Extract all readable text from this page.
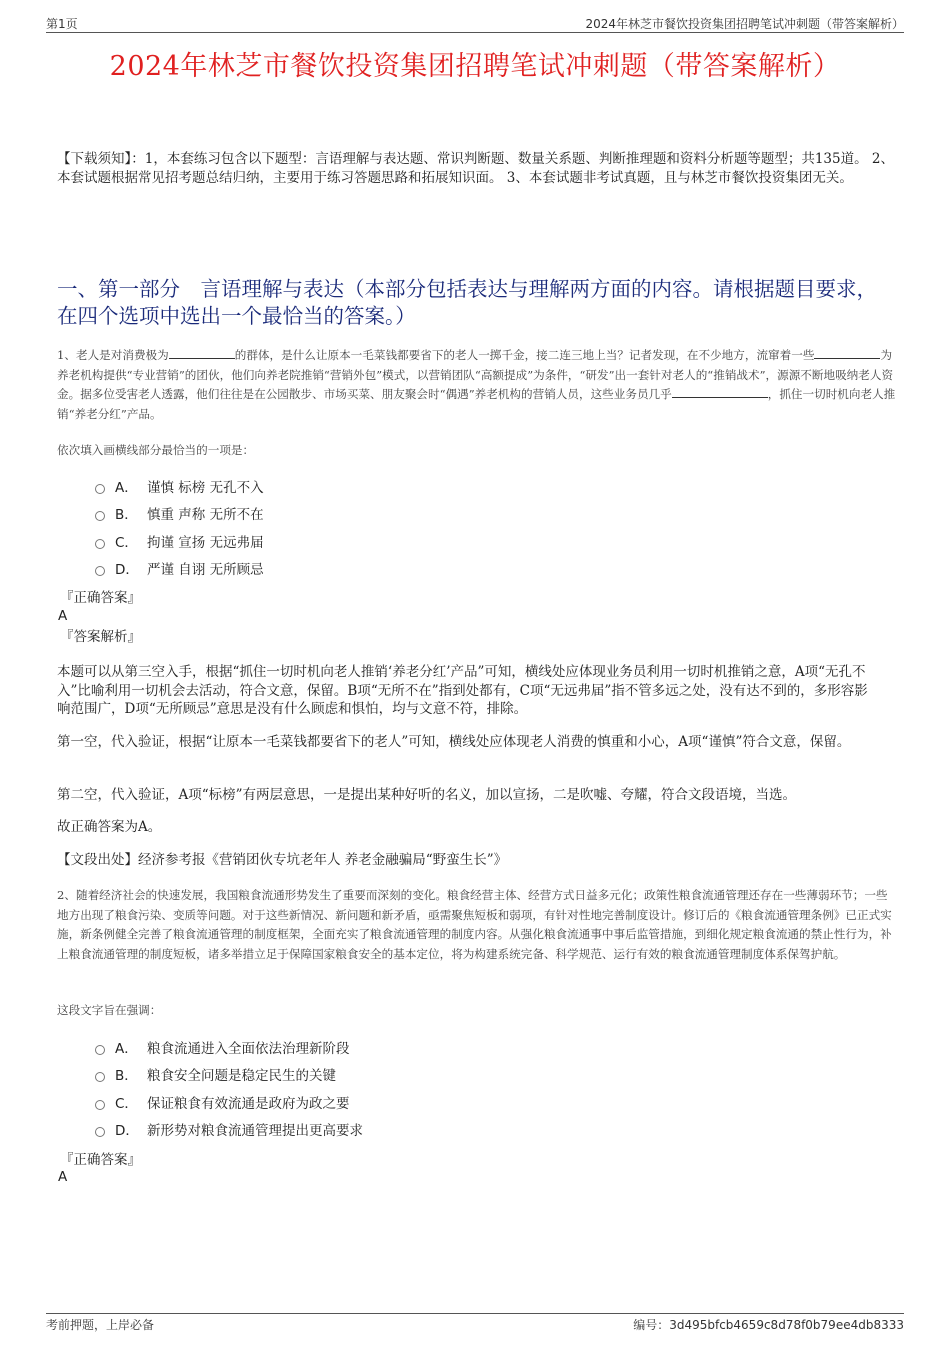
第1页	2024年林芝市餐饮投资集团招聘笔试冲刺题（带答案解析）
2024年林芝市餐饮投资集团招聘笔试冲刺题（带答案解析）
【下载须知】：1，本套练习包含以下题型：言语理解与表达题、常识判断题、数量关系题、判断推理题和资料分析题等题型；共135道。 2、本套试题根据常见招考题总结归纳，主要用于练习答题思路和拓展知识面。 3、本套试题非考试真题，且与林芝市餐饮投资集团无关。
一、第一部分　言语理解与表达（本部分包括表达与理解两方面的内容。请根据题目要求，在四个选项中选出一个最恰当的答案。）
1、老人是对消费极为	的群体，是什么让原本一毛菜钱都要省下的老人一掷千金，接二连三地上当？记者发现，在不少地方，流窜着一些	为养老机构提供“专业营销”的团伙，他们向养老院推销“营销外包”模式，以营销团队“高额提成”为条件，“研发”出一套针对老人的“推销战术”，源源不断地吸纳老人资金。据多位受害老人透露，他们往往是在公园散步、市场买菜、朋友聚会时“偶遇”养老机构的营销人员，这些业务员几乎	，抓住一切时机向老人推销“养老分红”产品。
依次填入画横线部分最恰当的一项是：
A． 谨慎 标榜 无孔不入
B． 慎重 声称 无所不在
C． 拘谨 宣扬 无远弗届
D． 严谨 自诩 无所顾忌
『正确答案』
A
『答案解析』
本题可以从第三空入手，根据“抓住一切时机向老人推销‘养老分红’产品”可知，横线处应体现业务员利用一切时机推销之意，A项“无孔不入”比喻利用一切机会去活动，符合文意，保留。B项“无所不在”指到处都有，C项“无远弗届”指不管多远之处，没有达不到的，多形容影响范围广，D项“无所顾忌”意思是没有什么顾虑和惧怕，均与文意不符，排除。
第一空，代入验证，根据“让原本一毛菜钱都要省下的老人”可知，横线处应体现老人消费的慎重和小心，A项“谨慎”符合文意，保留。
第二空，代入验证，A项“标榜”有两层意思，一是提出某种好听的名义，加以宣扬，二是吹嘘、夸耀，符合文段语境，当选。
故正确答案为A。
【文段出处】经济参考报《营销团伙专坑老年人 养老金融骗局“野蛮生长”》
2、随着经济社会的快速发展，我国粮食流通形势发生了重要而深刻的变化。粮食经营主体、经营方式日益多元化；政策性粮食流通管理还存在一些薄弱环节；一些地方出现了粮食污染、变质等问题。对于这些新情况、新问题和新矛盾，亟需聚焦短板和弱项，有针对性地完善制度设计。修订后的《粮食流通管理条例》已正式实施，新条例健全完善了粮食流通管理的制度框架，全面充实了粮食流通管理的制度内容。从强化粮食流通事中事后监管措施，到细化规定粮食流通的禁止性行为，补上粮食流通管理的制度短板，诸多举措立足于保障国家粮食安全的基本定位，将为构建系统完备、科学规范、运行有效的粮食流通管理制度体系保驾护航。
这段文字旨在强调：
A． 粮食流通进入全面依法治理新阶段
B． 粮食安全问题是稳定民生的关键
C． 保证粮食有效流通是政府为政之要
D． 新形势对粮食流通管理提出更高要求
『正确答案』
A
考前押题，上岸必备	编号：3d495bfcb4659c8d78f0b79ee4db8333
